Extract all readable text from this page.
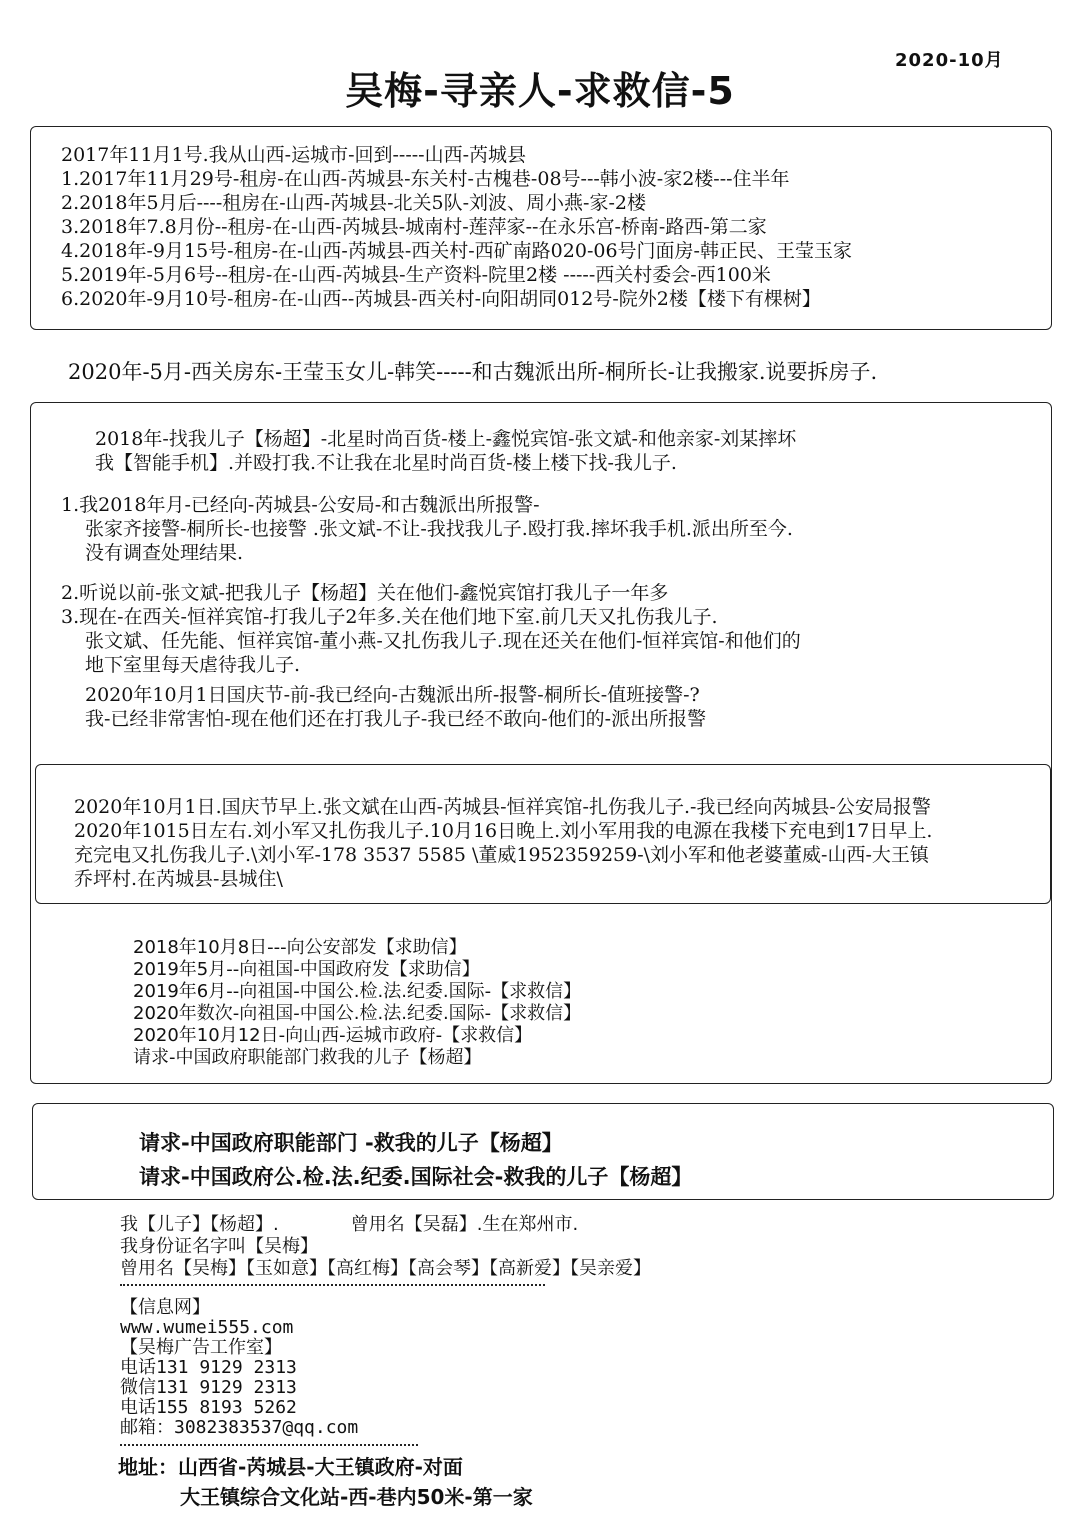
2020-10月
吴梅-寻亲人-求救信-5
2017年11月1号.我从山西-运城市-回到-----山西-芮城县
1.2017年11月29号-租房-在山西-芮城县-东关村-古槐巷-08号---韩小波-家2楼---住半年
2.2018年5月后----租房在-山西-芮城县-北关5队-刘波、周小燕-家-2楼
3.2018年7.8月份--租房-在-山西-芮城县-城南村-莲萍家--在永乐宫-桥南-路西-第二家
4.2018年-9月15号-租房-在-山西-芮城县-西关村-西矿南路020-06号门面房-韩正民、王莹玉家
5.2019年-5月6号--租房-在-山西-芮城县-生产资料-院里2楼 -----西关村委会-西100米
6.2020年-9月10号-租房-在-山西--芮城县-西关村-向阳胡同012号-院外2楼【楼下有棵树】
2020年-5月-西关房东-王莹玉女儿-韩笑-----和古魏派出所-桐所长-让我搬家.说要拆房子.
2018年-找我儿子【杨超】-北星时尚百货-楼上-鑫悦宾馆-张文斌-和他亲家-刘某摔坏
我【智能手机】.并殴打我.不让我在北星时尚百货-楼上楼下找-我儿子.
1.我2018年月-已经向-芮城县-公安局-和古魏派出所报警-
张家齐接警-桐所长-也接警 .张文斌-不让-我找我儿子.殴打我.摔坏我手机.派出所至今.
没有调查处理结果.
2.听说以前-张文斌-把我儿子【杨超】关在他们-鑫悦宾馆打我儿子一年多
3.现在-在西关-恒祥宾馆-打我儿子2年多.关在他们地下室.前几天又扎伤我儿子.
张文斌、任先能、恒祥宾馆-董小燕-又扎伤我儿子.现在还关在他们-恒祥宾馆-和他们的
地下室里每天虐待我儿子.
2020年10月1日国庆节-前-我已经向-古魏派出所-报警-桐所长-值班接警-?
我-已经非常害怕-现在他们还在打我儿子-我已经不敢向-他们的-派出所报警
2018年10月8日---向公安部发【求助信】
2019年5月--向祖国-中国政府发【求助信】
2019年6月--向祖国-中国公.检.法.纪委.国际-【求救信】
2020年数次-向祖国-中国公.检.法.纪委.国际-【求救信】
2020年10月12日-向山西-运城市政府-【求救信】
请求-中国政府职能部门救我的儿子【杨超】
2020年10月1日.国庆节早上.张文斌在山西-芮城县-恒祥宾馆-扎伤我儿子.-我已经向芮城县-公安局报警
2020年1015日左右.刘小军又扎伤我儿子.10月16日晚上.刘小军用我的电源在我楼下充电到17日早上.
充完电又扎伤我儿子.\刘小军-178 3537 5585 \董威1952359259-\刘小军和他老婆董威-山西-大王镇
乔坪村.在芮城县-县城住\
请求-中国政府职能部门 -救我的儿子【杨超】
请求-中国政府公.检.法.纪委.国际社会-救我的儿子【杨超】
我【儿子】【杨超】.	曾用名【吴磊】.生在郑州市.
我身份证名字叫【吴梅】
曾用名【吴梅】【玉如意】【高红梅】【高会琴】【高新爱】【吴亲爱】
【信息网】
www.wumei555.com
【吴梅广告工作室】
电话131 9129 2313
微信131 9129 2313
电话155 8193 5262
邮箱：3082383537@qq.com
地址：山西省-芮城县-大王镇政府-对面
大王镇综合文化站-西-巷内50米-第一家
